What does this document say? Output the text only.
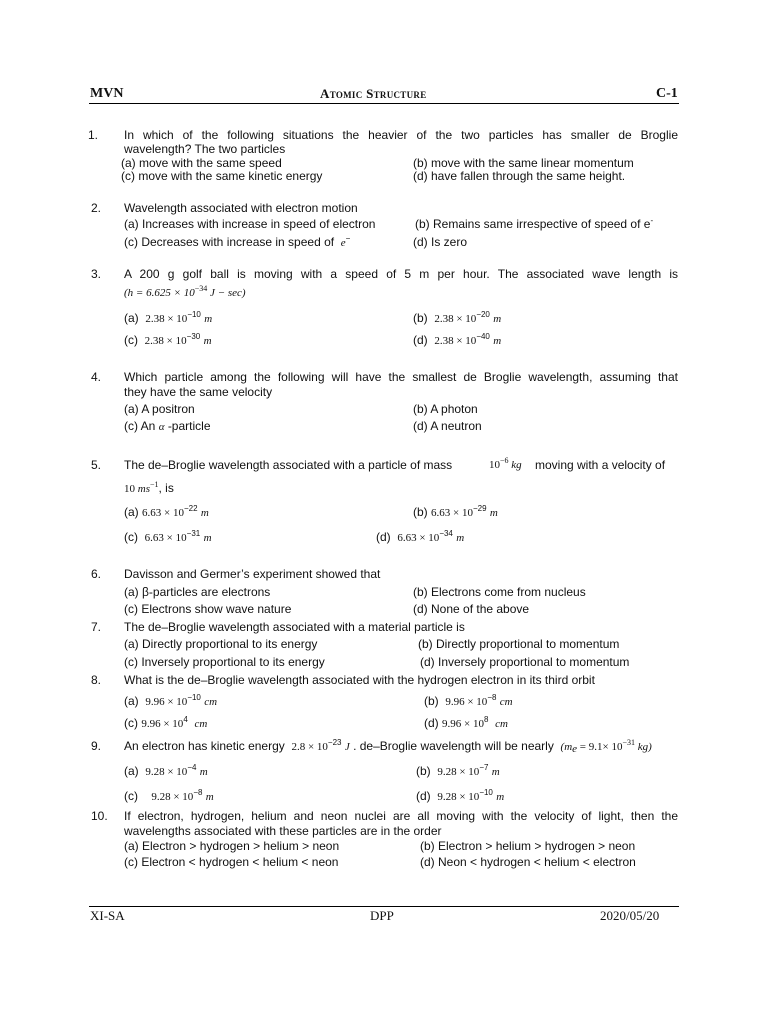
MVN	Atomic Structure	C-1
1. In which of the following situations the heavier of the two particles has smaller de Broglie
wavelength? The two particles
(a) move with the same speed	(b) move with the same linear momentum
(c) move with the same kinetic energy	(d) have fallen through the same height.
2. Wavelength associated with electron motion
(a) Increases with increase in speed of electron	(b) Remains same irrespective of speed of e-
(c) Decreases with increase in speed of e−	(d) Is zero
3. A 200 g golf ball is moving with a speed of 5 m per hour. The associated wave length is
($h = 6.625 \times 10^{-34}$ J − sec)
(a) $2.38 \times 10^{-10}$ m	(b) $2.38 \times 10^{-20}$ m
(c) $2.38 \times 10^{-30}$ m	(d) $2.38 \times 10^{-40}$ m
4. Which particle among the following will have the smallest de Broglie wavelength, assuming that
they have the same velocity
(a) A positron	(b) A photon
(c) An α -particle	(d) A neutron
5. The de–Broglie wavelength associated with a particle of mass	$10^{-6}$ kg moving with a velocity of
10 $ms^{-1}$, is
(a) $6.63 \times 10^{-22}$ m	(b) $6.63 \times 10^{-29}$ m
(c) $6.63 \times 10^{-31}$ m	(d) $6.63 \times 10^{-34}$ m
6. Davisson and Germer’s experiment showed that
(a) β-particles are electrons	(b) Electrons come from nucleus
(c) Electrons show wave nature	(d) None of the above
7. The de–Broglie wavelength associated with a material particle is
(a) Directly proportional to its energy	(b) Directly proportional to momentum
(c) Inversely proportional to its energy	(d) Inversely proportional to momentum
8. What is the de–Broglie wavelength associated with the hydrogen electron in its third orbit
(a) $9.96 \times 10^{-10}$ cm	(b) $9.96 \times 10^{-8}$ cm
(c) $9.96 \times 10^4$ cm	(d) $9.96 \times 10^8$ cm
9. An electron has kinetic energy $2.8 \times 10^{-23}$ J . de–Broglie wavelength will be nearly ($m_e = 9.1\times 10^{-31}$ kg)
(a) $9.28 \times 10^{-4}$ m	(b) $9.28 \times 10^{-7}$ m
(c) $9.28 \times 10^{-8}$ m	(d) $9.28 \times 10^{-10}$ m
10. If electron, hydrogen, helium and neon nuclei are all moving with the velocity of light, then the
wavelengths associated with these particles are in the order
(a) Electron > hydrogen > helium > neon	(b) Electron > helium > hydrogen > neon
(c) Electron < hydrogen < helium < neon	(d) Neon < hydrogen < helium < electron
XI-SA	DPP	2020/05/20
